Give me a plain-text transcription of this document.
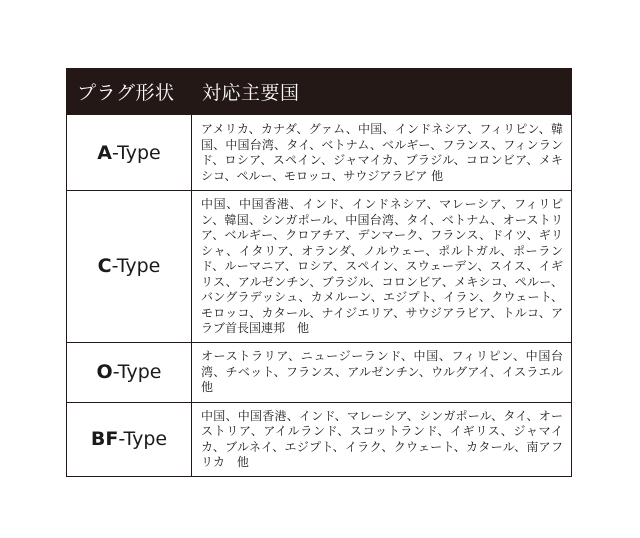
プラグ形状	対応主要国
A-Type	アメリカ、カナダ、グァム、中国、インドネシア、フィリピン、韓国、中国台湾、タイ、ベトナム、ベルギー、フランス、フィンランド、ロシア、スペイン、ジャマイカ、ブラジル、コロンビア、メキシコ、ペルー、モロッコ、サウジアラビア 他
C-Type	中国、中国香港、インド、インドネシア、マレーシア、フィリピン、韓国、シンガポール、中国台湾、タイ、ベトナム、オーストリア、ベルギー、クロアチア、デンマーク、フランス、ドイツ、ギリシャ、イタリア、オランダ、ノルウェー、ポルトガル、ポーランド、ルーマニア、ロシア、スペイン、スウェーデン、スイス、イギリス、アルゼンチン、ブラジル、コロンビア、メキシコ、ペルー、バングラデッシュ、カメルーン、エジプト、イラン、クウェート、モロッコ、カタール、ナイジエリア、サウジアラビア、トルコ、アラブ首長国連邦　他
O-Type	オーストラリア、ニュージーランド、中国、フィリピン、中国台湾、チベット、フランス、アルゼンチン、ウルグアイ、イスラエル　他
BF-Type	中国、中国香港、インド、マレーシア、シンガポール、タイ、オーストリア、アイルランド、スコットランド、イギリス、ジャマイカ、ブルネイ、エジプト、イラク、クウェート、カタール、南アフリカ　他
